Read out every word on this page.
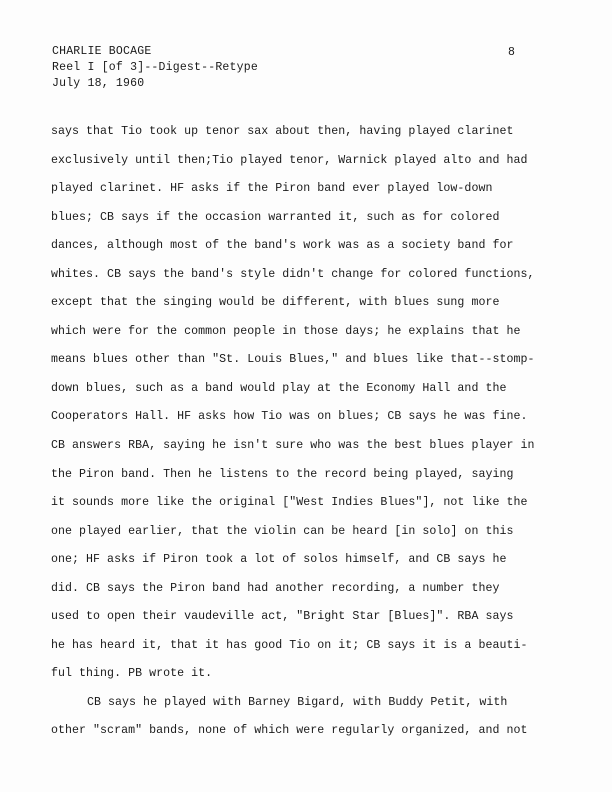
CHARLIE BOCAGE
Reel I [of 3]--Digest--Retype
July 18, 1960
8
says that Tio took up tenor sax about then, having played clarinet
exclusively until then;Tio played tenor, Warnick played alto and had
played clarinet. HF asks if the Piron band ever played low-down
blues; CB says if the occasion warranted it, such as for colored
dances, although most of the band's work was as a society band for
whites. CB says the band's style didn't change for colored functions,
except that the singing would be different, with blues sung more
which were for the common people in those days; he explains that he
means blues other than "St. Louis Blues," and blues like that--stomp-
down blues, such as a band would play at the Economy Hall and the
Cooperators Hall. HF asks how Tio was on blues; CB says he was fine.
CB answers RBA, saying he isn't sure who was the best blues player in
the Piron band. Then he listens to the record being played, saying
it sounds more like the original ["West Indies Blues"], not like the
one played earlier, that the violin can be heard [in solo] on this
one; HF asks if Piron took a lot of solos himself, and CB says he
did. CB says the Piron band had another recording, a number they
used to open their vaudeville act, "Bright Star [Blues]". RBA says
he has heard it, that it has good Tio on it; CB says it is a beauti-
ful thing. PB wrote it.
CB says he played with Barney Bigard, with Buddy Petit, with
other "scram" bands, none of which were regularly organized, and not
